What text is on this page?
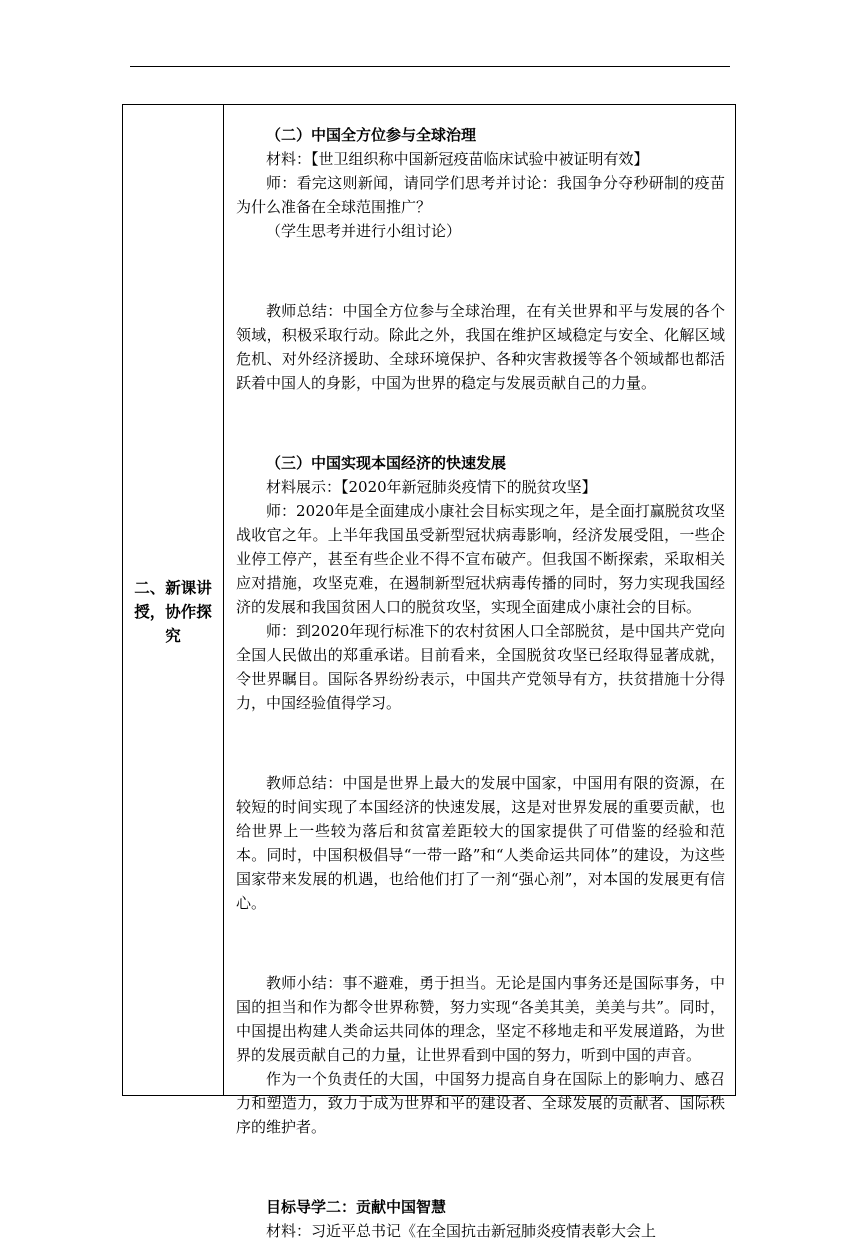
二、新课讲授，协作探究

（二）中国全方位参与全球治理

材料：【世卫组织称中国新冠疫苗临床试验中被证明有效】

师：看完这则新闻，请同学们思考并讨论：我国争分夺秒研制的疫苗为什么准备在全球范围推广？

（学生思考并进行小组讨论）

教师总结：中国全方位参与全球治理，在有关世界和平与发展的各个领域，积极采取行动。除此之外，我国在维护区域稳定与安全、化解区域危机、对外经济援助、全球环境保护、各种灾害救援等各个领域都也都活跃着中国人的身影，中国为世界的稳定与发展贡献自己的力量。

（三）中国实现本国经济的快速发展

材料展示：【2020年新冠肺炎疫情下的脱贫攻坚】

师：2020年是全面建成小康社会目标实现之年，是全面打赢脱贫攻坚战收官之年。上半年我国虽受新型冠状病毒影响，经济发展受阻，一些企业停工停产，甚至有些企业不得不宣布破产。但我国不断探索，采取相关应对措施，攻坚克难，在遏制新型冠状病毒传播的同时，努力实现我国经济的发展和我国贫困人口的脱贫攻坚，实现全面建成小康社会的目标。

师：到2020年现行标准下的农村贫困人口全部脱贫，是中国共产党向全国人民做出的郑重承诺。目前看来，全国脱贫攻坚已经取得显著成就，令世界瞩目。国际各界纷纷表示，中国共产党领导有方，扶贫措施十分得力，中国经验值得学习。

教师总结：中国是世界上最大的发展中国家，中国用有限的资源，在较短的时间实现了本国经济的快速发展，这是对世界发展的重要贡献，也给世界上一些较为落后和贫富差距较大的国家提供了可借鉴的经验和范本。同时，中国积极倡导“一带一路”和“人类命运共同体”的建设，为这些国家带来发展的机遇，也给他们打了一剂“强心剂”，对本国的发展更有信心。

教师小结：事不避难，勇于担当。无论是国内事务还是国际事务，中国的担当和作为都令世界称赞，努力实现“各美其美，美美与共”。同时，中国提出构建人类命运共同体的理念，坚定不移地走和平发展道路，为世界的发展贡献自己的力量，让世界看到中国的努力，听到中国的声音。

作为一个负责任的大国，中国努力提高自身在国际上的影响力、感召力和塑造力，致力于成为世界和平的建设者、全球发展的贡献者、国际秩序的维护者。

目标导学二：贡献中国智慧

材料：习近平总书记《在全国抗击新冠肺炎疫情表彰大会上
